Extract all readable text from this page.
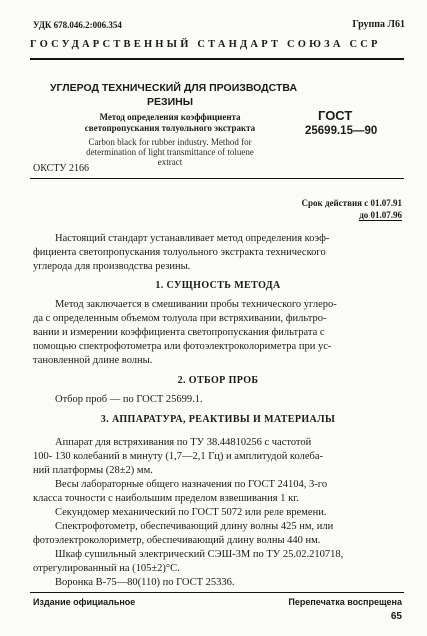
УДК 678.046.2:006.354	Группа Л61
ГОСУДАРСТВЕННЫЙ СТАНДАРТ СОЮЗА ССР
УГЛЕРОД ТЕХНИЧЕСКИЙ ДЛЯ ПРОИЗВОДСТВА
РЕЗИНЫ
Метод определения коэффициента
светопропускания толуольного экстракта
Carbon black for rubber industry. Method for
determination of light transmittance of toluene
extract
ГОСТ
25699.15—90
ОКСТУ 2166
Срок действия с 01.07.91
до 01.07.96
Настоящий стандарт устанавливает метод определения коэф-
фициента светопропускания толуольного экстракта технического
углерода для производства резины.
1. СУЩНОСТЬ МЕТОДА
Метод заключается в смешивании пробы технического углеро-
да с определенным объемом толуола при встряхивании, фильтро-
вании и измерении коэффициента светопропускания фильтрата с
помощью спектрофотометра или фотоэлектроколориметра при ус-
тановленной длине волны.
2. ОТБОР ПРОБ
Отбор проб — по ГОСТ 25699.1.
3. АППАРАТУРА, РЕАКТИВЫ И МАТЕРИАЛЫ
Аппарат для встряхивания по ТУ 38.44810256 с частотой
100- 130 колебаний в минуту (1,7—2,1 Гц) и амплитудой колеба-
ний платформы (28±2) мм.
Весы лабораторные общего назначения по ГОСТ 24104, 3-го
класса точности с наибольшим пределом взвешивания 1 кг.
Секундомер механический по ГОСТ 5072 или реле времени.
Спектрофотометр, обеспечивающий длину волны 425 нм, или
фотоэлектроколориметр, обеспечивающий длину волны 440 нм.
Шкаф сушильный электрический СЭШ-3М по ТУ 25.02.210718,
отрегулированный на (105±2)°С.
Воронка В-75—80(110) по ГОСТ 25336.
Издание официальное	Перепечатка воспрещена
65
